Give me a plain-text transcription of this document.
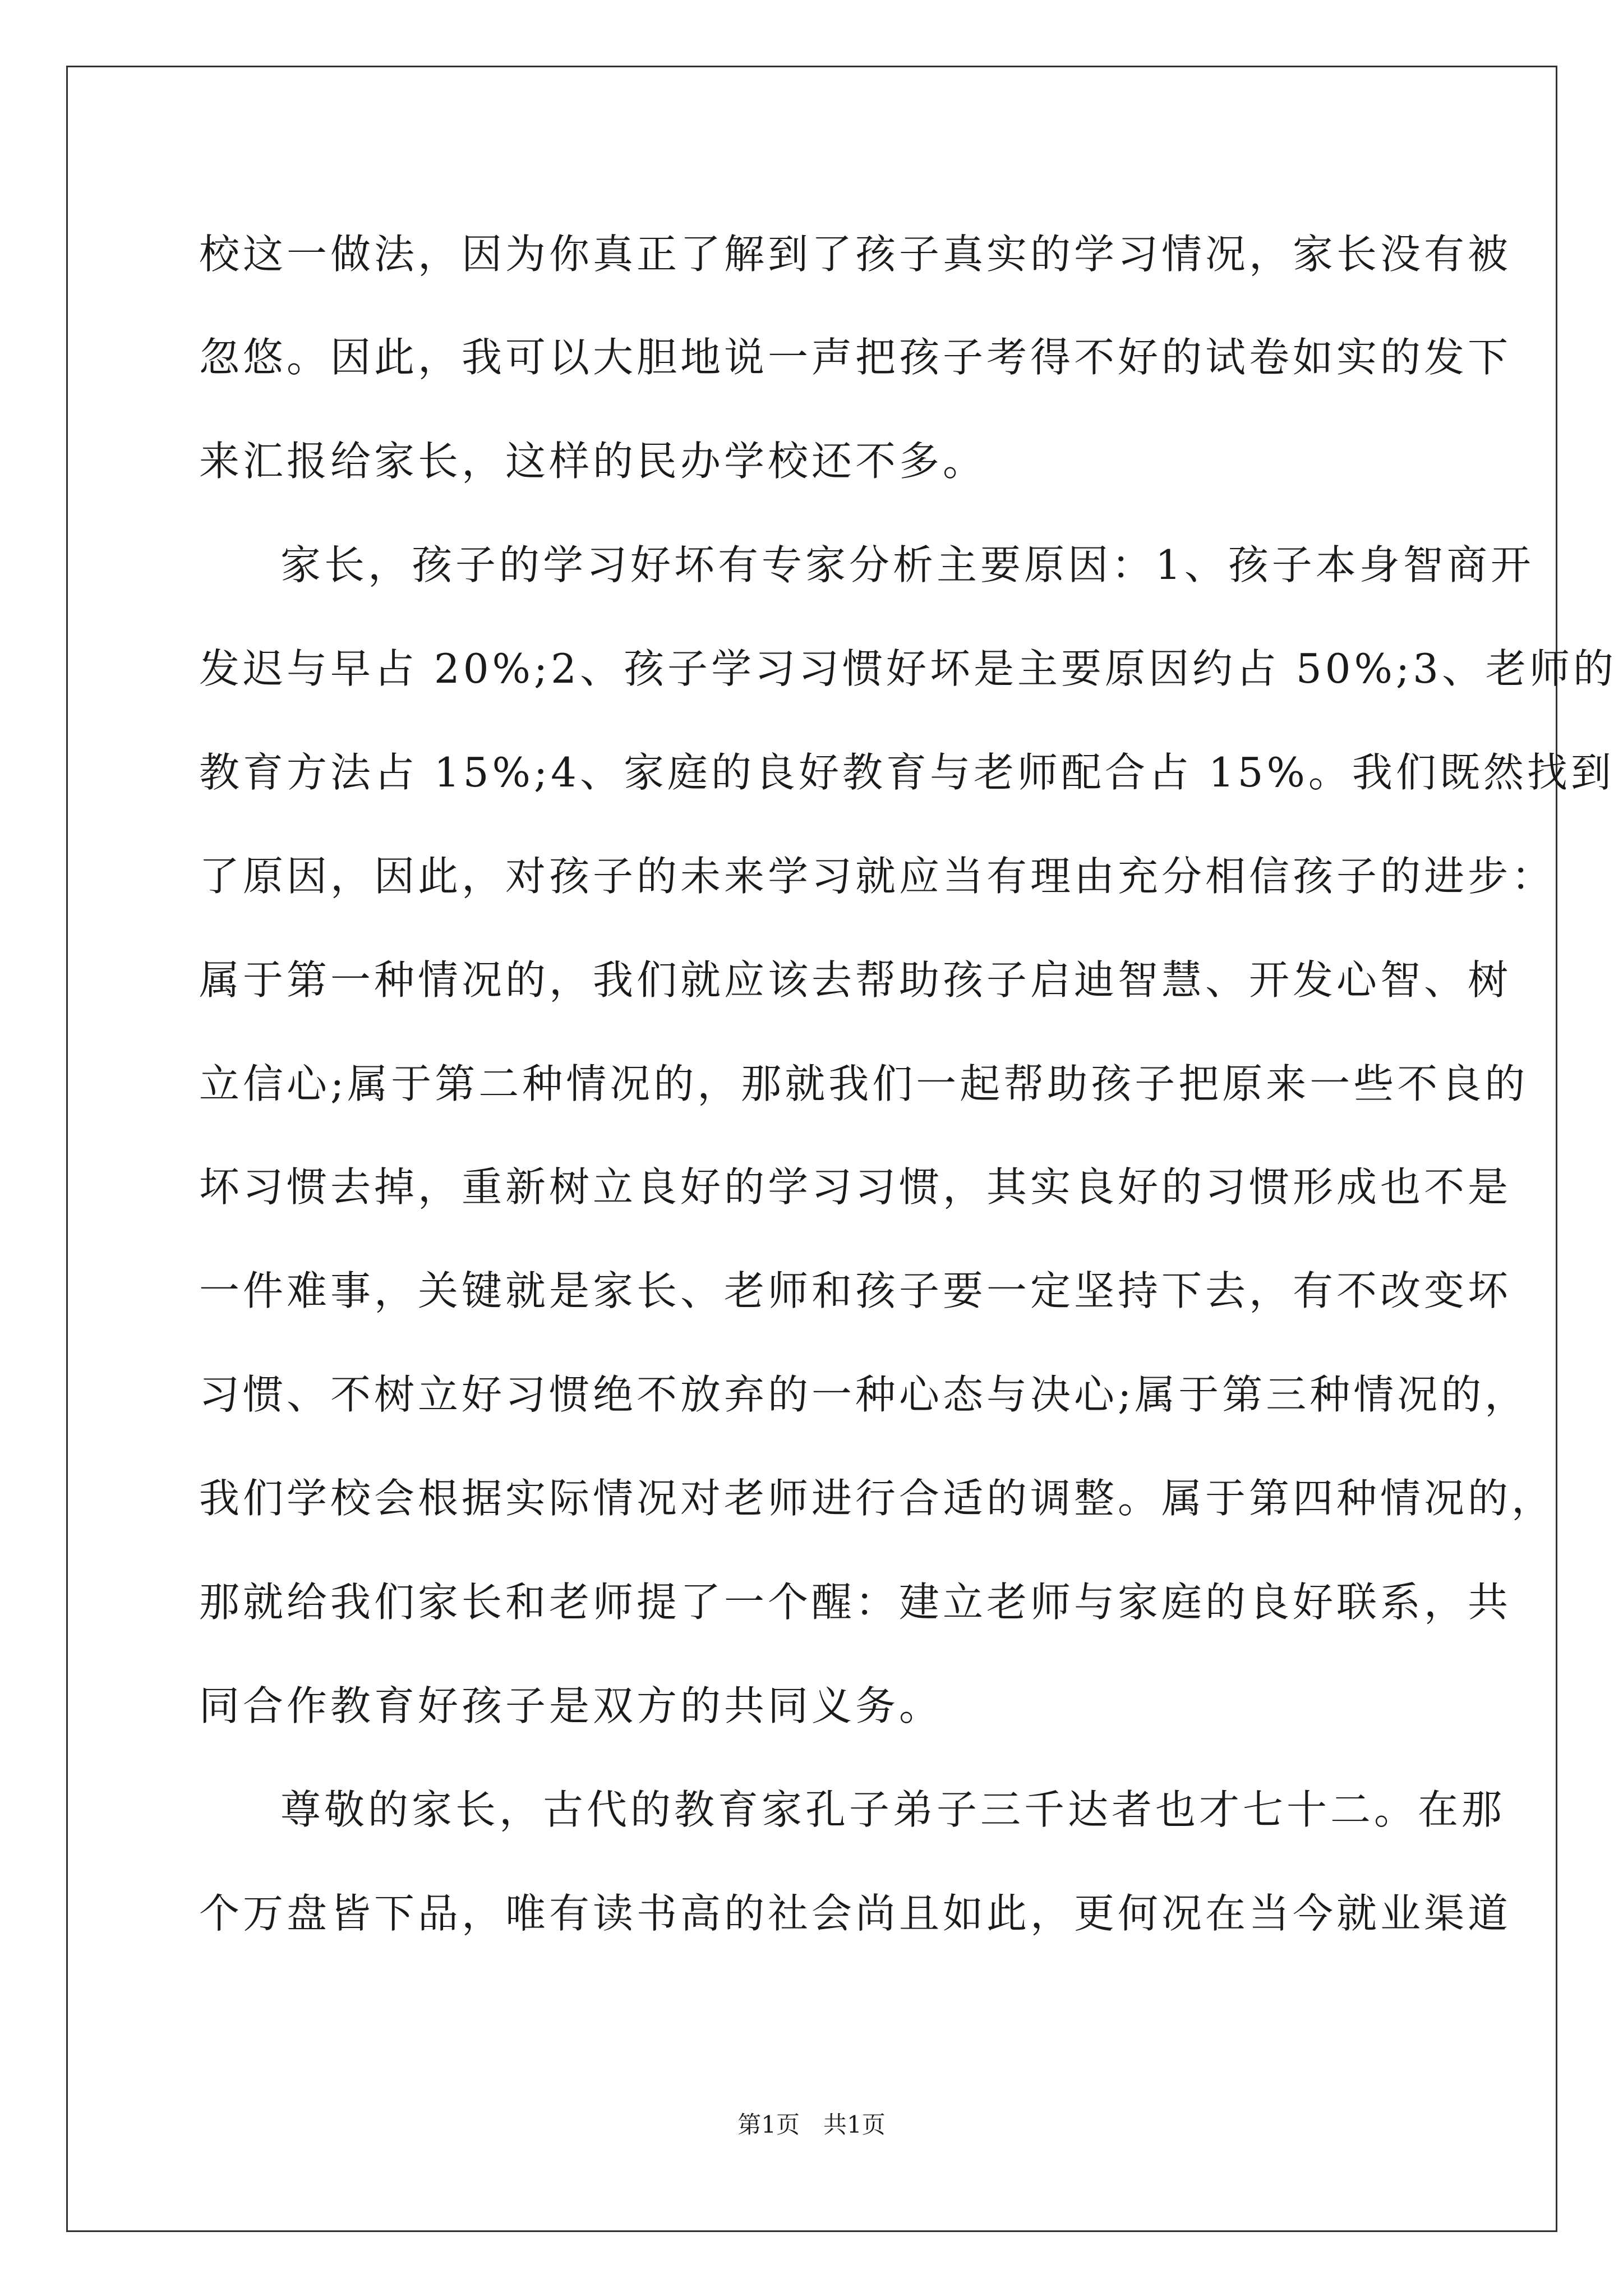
校这一做法，因为你真正了解到了孩子真实的学习情况，家长没有被
忽悠。因此，我可以大胆地说一声把孩子考得不好的试卷如实的发下
来汇报给家长，这样的民办学校还不多。
家长，孩子的学习好坏有专家分析主要原因：1、孩子本身智商开
发迟与早占 20%;2、孩子学习习惯好坏是主要原因约占 50%;3、老师的
教育方法占 15%;4、家庭的良好教育与老师配合占 15%。我们既然找到
了原因，因此，对孩子的未来学习就应当有理由充分相信孩子的进步：
属于第一种情况的，我们就应该去帮助孩子启迪智慧、开发心智、树
立信心;属于第二种情况的，那就我们一起帮助孩子把原来一些不良的
坏习惯去掉，重新树立良好的学习习惯，其实良好的习惯形成也不是
一件难事，关键就是家长、老师和孩子要一定坚持下去，有不改变坏
习惯、不树立好习惯绝不放弃的一种心态与决心;属于第三种情况的，
我们学校会根据实际情况对老师进行合适的调整。属于第四种情况的，
那就给我们家长和老师提了一个醒：建立老师与家庭的良好联系，共
同合作教育好孩子是双方的共同义务。
尊敬的家长，古代的教育家孔子弟子三千达者也才七十二。在那
个万盘皆下品，唯有读书高的社会尚且如此，更何况在当今就业渠道
第1页　共1页
